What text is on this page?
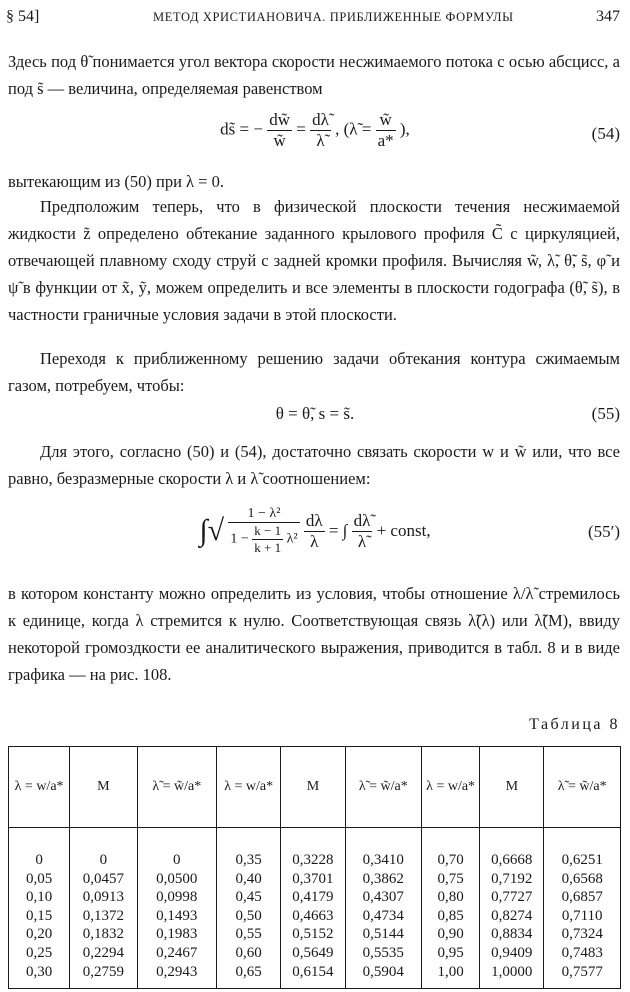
§ 54]	МЕТОД ХРИСТИАНОВИЧА. ПРИБЛИЖЕННЫЕ ФОРМУЛЫ	347

Здесь под θ̃ понимается угол вектора скорости несжимаемого потока с осью абсцисс, а под s̃ — величина, определяемая равенством

ds̃ = − $\frac{dw̃}{w̃} = \frac{d\lambdã}{\lambdã}$ , (λ̃ = $\frac{w̃}{a*}$ ),	(54)

вытекающим из (50) при λ = 0.

Предположим теперь, что в физической плоскости течения несжимаемой жидкости z̃ определено обтекание заданного крылового профиля C̃ с циркуляцией, отвечающей плавному сходу струй с задней кромки профиля. Вычисляя w̃, λ̃, θ̃, s̃, φ̃ и ψ̃ в функции от x̃, ỹ, можем определить и все элементы в плоскости годографа (θ̃, s̃), в частности граничные условия задачи в этой плоскости.

Переходя к приближенному решению задачи обтекания контура сжимаемым газом, потребуем, чтобы:

θ = θ̃, s = s̃.	(55)

Для этого, согласно (50) и (54), достаточно связать скорости w и w̃ или, что все равно, безразмерные скорости λ и λ̃ соотношением:

∫√ $\frac{\text{1 − λ²}}{1 - \frac{k - 1}{k + 1} \lambda^2}$
$\frac{d\lambda}{\lambda}$ = ∫ $\frac{d\lambdã}{\lambdã}$ + const,	(55′)

в котором константу можно определить из условия, чтобы отношение λ/λ̃ стремилось к единице, когда λ стремится к нулю. Соответствующая связь λ̃(λ) или λ̃(M), ввиду некоторой громоздкости ее аналитического выражения, приводится в табл. 8 и в виде графика — на рис. 108.

Таблица 8
λ = w/a*	M	λ̃ = w̃/a*	λ = w/a*	M	λ̃ = w̃/a*	λ = w/a*	M	λ̃ = w̃/a*

0	0	0	0,35	0,3228	0,3410	0,70	0,6668	0,6251
0,05	0,0457	0,0500	0,40	0,3701	0,3862	0,75	0,7192	0,6568
0,10	0,0913	0,0998	0,45	0,4179	0,4307	0,80	0,7727	0,6857
0,15	0,1372	0,1493	0,50	0,4663	0,4734	0,85	0,8274	0,7110
0,20	0,1832	0,1983	0,55	0,5152	0,5144	0,90	0,8834	0,7324
0,25	0,2294	0,2467	0,60	0,5649	0,5535	0,95	0,9409	0,7483
0,30	0,2759	0,2943	0,65	0,6154	0,5904	1,00	1,0000	0,7577
